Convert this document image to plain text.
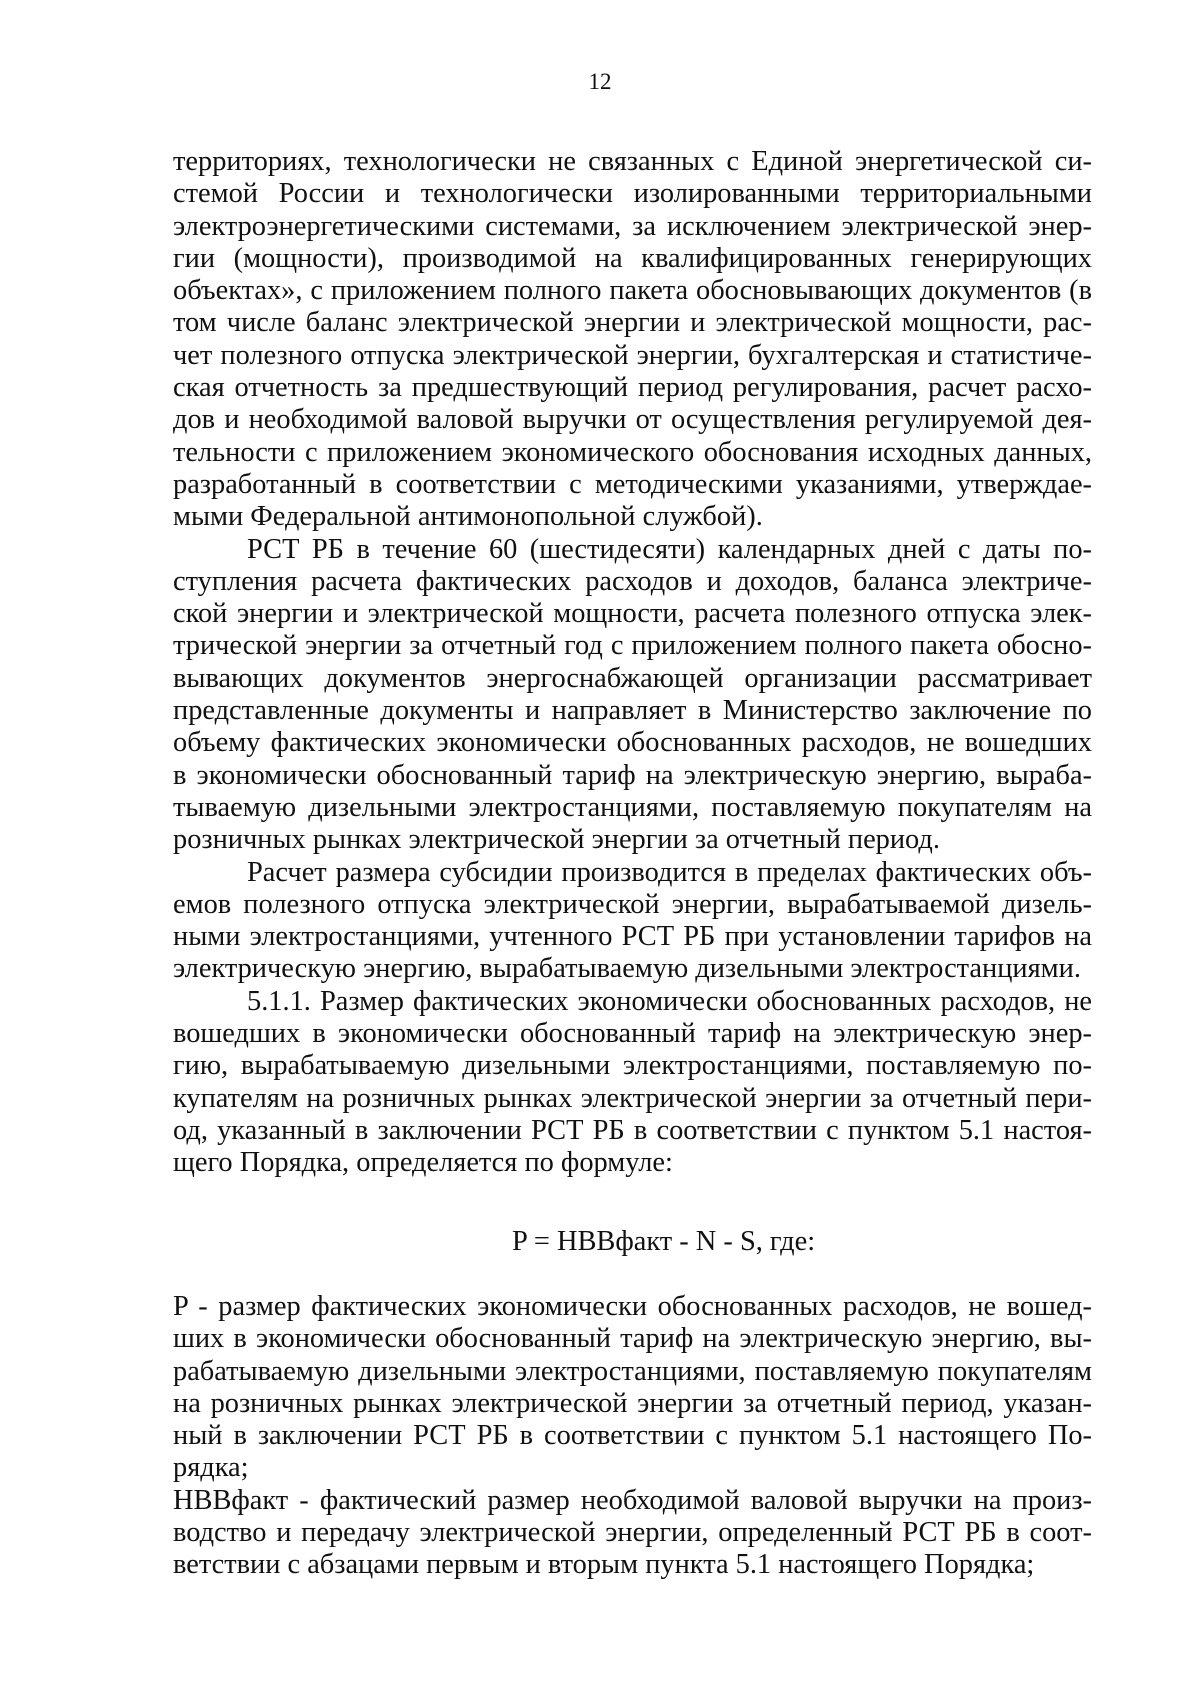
12
территориях, технологически не связанных с Единой энергетической си-
стемой России и технологически изолированными территориальными
электроэнергетическими системами, за исключением электрической энер-
гии (мощности), производимой на квалифицированных генерирующих
объектах», с приложением полного пакета обосновывающих документов (в
том числе баланс электрической энергии и электрической мощности, рас-
чет полезного отпуска электрической энергии, бухгалтерская и статистиче-
ская отчетность за предшествующий период регулирования, расчет расхо-
дов и необходимой валовой выручки от осуществления регулируемой дея-
тельности с приложением экономического обоснования исходных данных,
разработанный в соответствии с методическими указаниями, утверждае-
мыми Федеральной антимонопольной службой).
РСТ РБ в течение 60 (шестидесяти) календарных дней с даты по-
ступления расчета фактических расходов и доходов, баланса электриче-
ской энергии и электрической мощности, расчета полезного отпуска элек-
трической энергии за отчетный год с приложением полного пакета обосно-
вывающих документов энергоснабжающей организации рассматривает
представленные документы и направляет в Министерство заключение по
объему фактических экономически обоснованных расходов, не вошедших
в экономически обоснованный тариф на электрическую энергию, выраба-
тываемую дизельными электростанциями, поставляемую покупателям на
розничных рынках электрической энергии за отчетный период.
Расчет размера субсидии производится в пределах фактических объ-
емов полезного отпуска электрической энергии, вырабатываемой дизель-
ными электростанциями, учтенного РСТ РБ при установлении тарифов на
электрическую энергию, вырабатываемую дизельными электростанциями.
5.1.1. Размер фактических экономически обоснованных расходов, не
вошедших в экономически обоснованный тариф на электрическую энер-
гию, вырабатываемую дизельными электростанциями, поставляемую по-
купателям на розничных рынках электрической энергии за отчетный пери-
од, указанный в заключении РСТ РБ в соответствии с пунктом 5.1 настоя-
щего Порядка, определяется по формуле:
P = НВВфакт - N - S, где:
P - размер фактических экономически обоснованных расходов, не вошед-
ших в экономически обоснованный тариф на электрическую энергию, вы-
рабатываемую дизельными электростанциями, поставляемую покупателям
на розничных рынках электрической энергии за отчетный период, указан-
ный в заключении РСТ РБ в соответствии с пунктом 5.1 настоящего По-
рядка;
НВВфакт - фактический размер необходимой валовой выручки на произ-
водство и передачу электрической энергии, определенный РСТ РБ в соот-
ветствии с абзацами первым и вторым пункта 5.1 настоящего Порядка;
